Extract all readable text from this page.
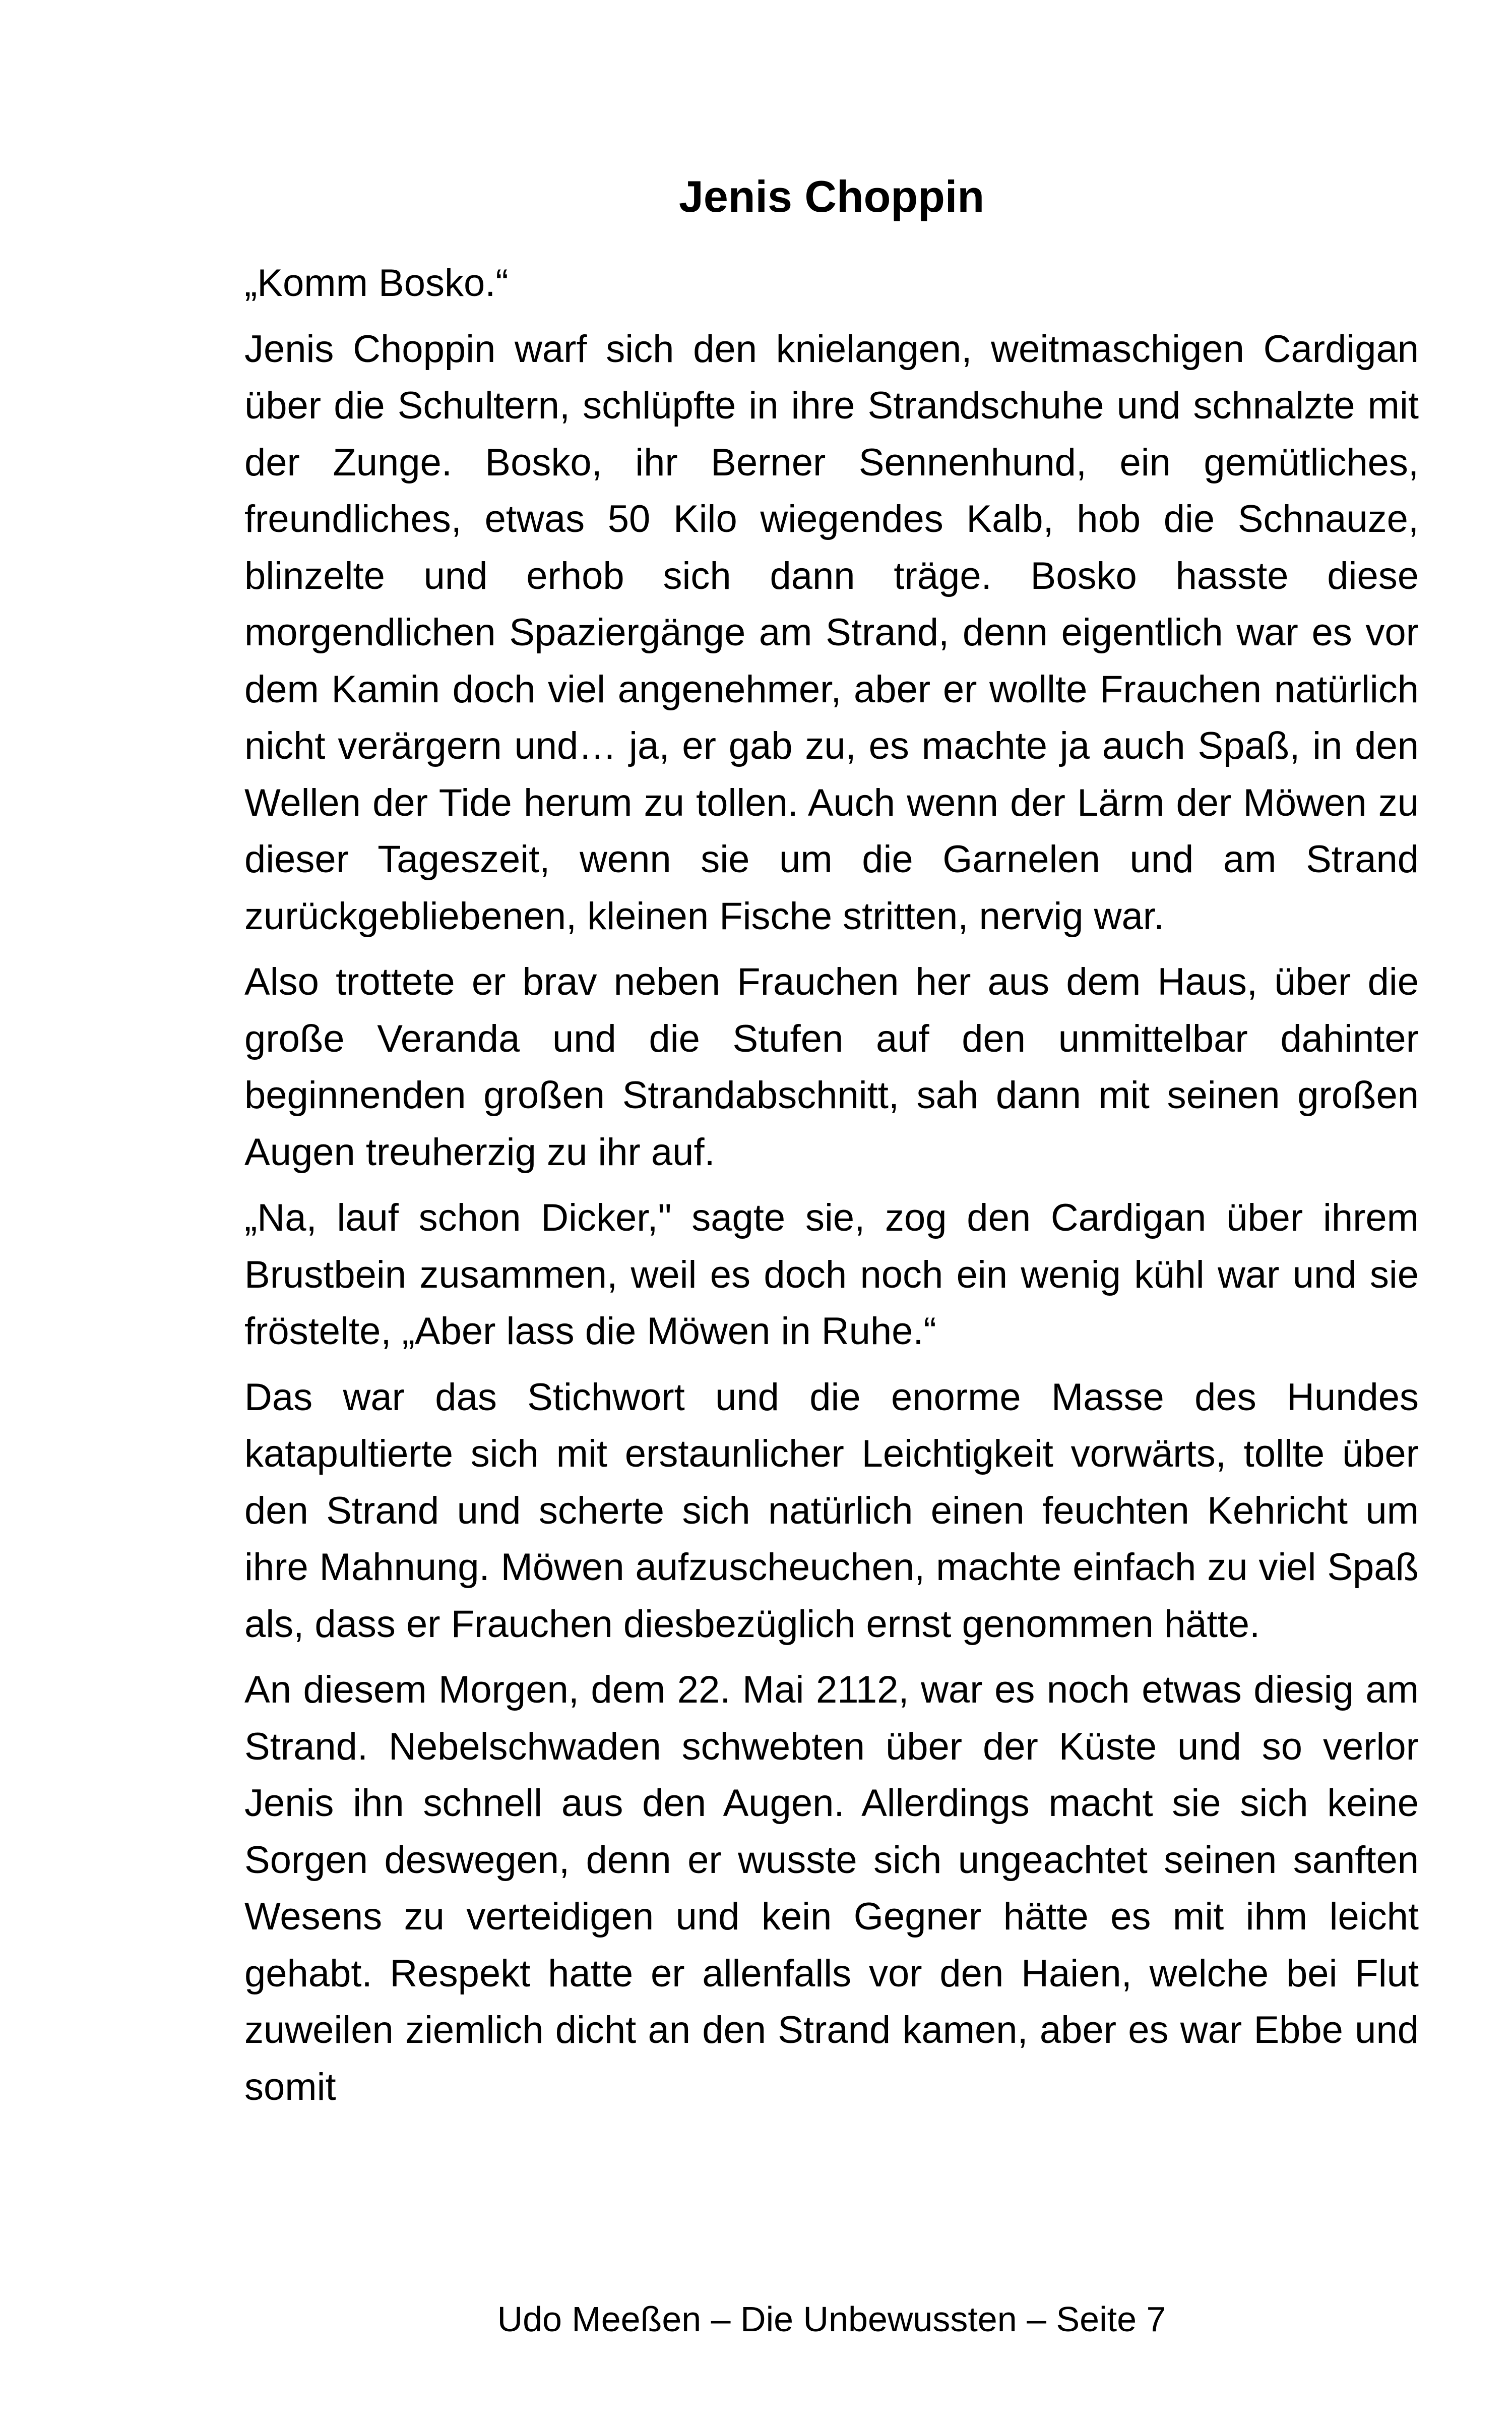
Jenis Choppin

„Komm Bosko.“

Jenis Choppin warf sich den knielangen, weitmaschigen Cardigan über die Schultern, schlüpfte in ihre Strandschuhe und schnalzte mit der Zunge. Bosko, ihr Berner Sennenhund, ein gemütliches, freundliches, etwas 50 Kilo wiegendes Kalb, hob die Schnauze, blinzelte und erhob sich dann träge. Bosko hasste diese morgendlichen Spaziergänge am Strand, denn eigentlich war es vor dem Kamin doch viel angenehmer, aber er wollte Frauchen natürlich nicht verärgern und… ja, er gab zu, es machte ja auch Spaß, in den Wellen der Tide herum zu tollen. Auch wenn der Lärm der Möwen zu dieser Tageszeit, wenn sie um die Garnelen und am Strand zurückgebliebenen, kleinen Fische stritten, nervig war.

Also trottete er brav neben Frauchen her aus dem Haus, über die große Veranda und die Stufen auf den unmittelbar dahinter beginnenden großen Strandabschnitt, sah dann mit seinen großen Augen treuherzig zu ihr auf.

„Na, lauf schon Dicker," sagte sie, zog den Cardigan über ihrem Brustbein zusammen, weil es doch noch ein wenig kühl war und sie fröstelte, „Aber lass die Möwen in Ruhe.“

Das war das Stichwort und die enorme Masse des Hundes katapultierte sich mit erstaunlicher Leichtigkeit vorwärts, tollte über den Strand und scherte sich natürlich einen feuchten Kehricht um ihre Mahnung. Möwen aufzuscheuchen, machte einfach zu viel Spaß als, dass er Frauchen diesbezüglich ernst genommen hätte.

An diesem Morgen, dem 22. Mai 2112, war es noch etwas diesig am Strand. Nebelschwaden schwebten über der Küste und so verlor Jenis ihn schnell aus den Augen. Allerdings macht sie sich keine Sorgen deswegen, denn er wusste sich ungeachtet seinen sanften Wesens zu verteidigen und kein Gegner hätte es mit ihm leicht gehabt. Respekt hatte er allenfalls vor den Haien, welche bei Flut zuweilen ziemlich dicht an den Strand kamen, aber es war Ebbe und somit

Udo Meeßen – Die Unbewussten – Seite 7
